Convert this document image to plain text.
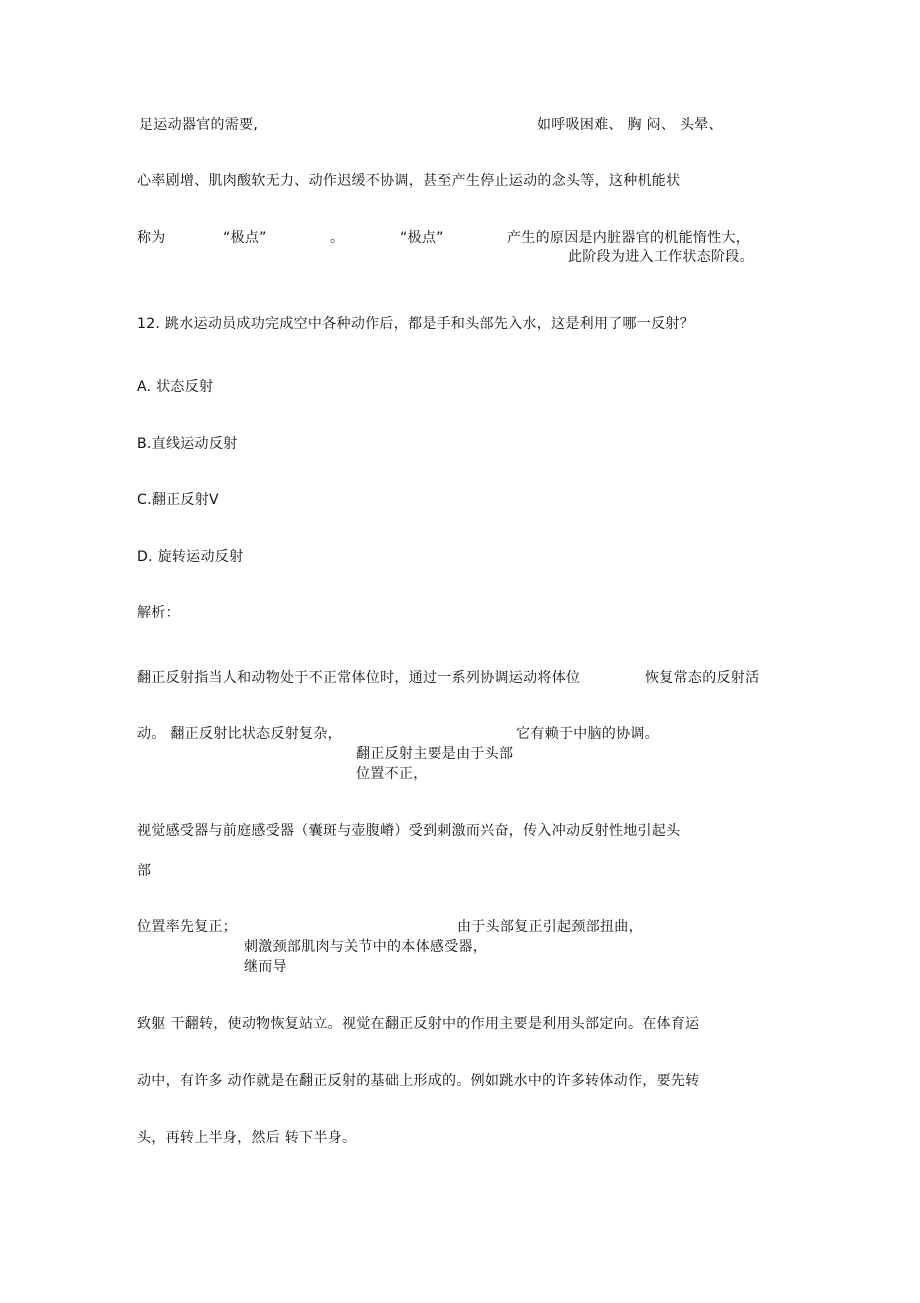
足运动器官的需要,	如呼吸困难、 胸 闷、 头晕、
心率剧增、肌肉酸软无力、动作迟缓不协调，甚至产生停止运动的念头等，这种机能状
称为	“极点”	。	“极点”	产生的原因是内脏器官的机能惰性大，
此阶段为进入工作状态阶段。
12. 跳水运动员成功完成空中各种动作后，都是手和头部先入水，这是利用了哪一反射？
A. 状态反射
B.直线运动反射
C.翻正反射V
D. 旋转运动反射
解析：
翻正反射指当人和动物处于不正常体位时，通过一系列协调运动将体位	恢复常态的反射活
动。 翻正反射比状态反射复杂，	它有赖于中脑的协调。
翻正反射主要是由于头部
位置不正，
视觉感受器与前庭感受器（囊斑与壶腹嵴）受到刺激而兴奋，传入冲动反射性地引起头
部
位置率先复正；	由于头部复正引起颈部扭曲，
刺激颈部肌肉与关节中的本体感受器，
继而导
致躯 干翻转，使动物恢复站立。视觉在翻正反射中的作用主要是利用头部定向。在体育运
动中，有许多 动作就是在翻正反射的基础上形成的。例如跳水中的许多转体动作，要先转
头，再转上半身，然后 转下半身。
